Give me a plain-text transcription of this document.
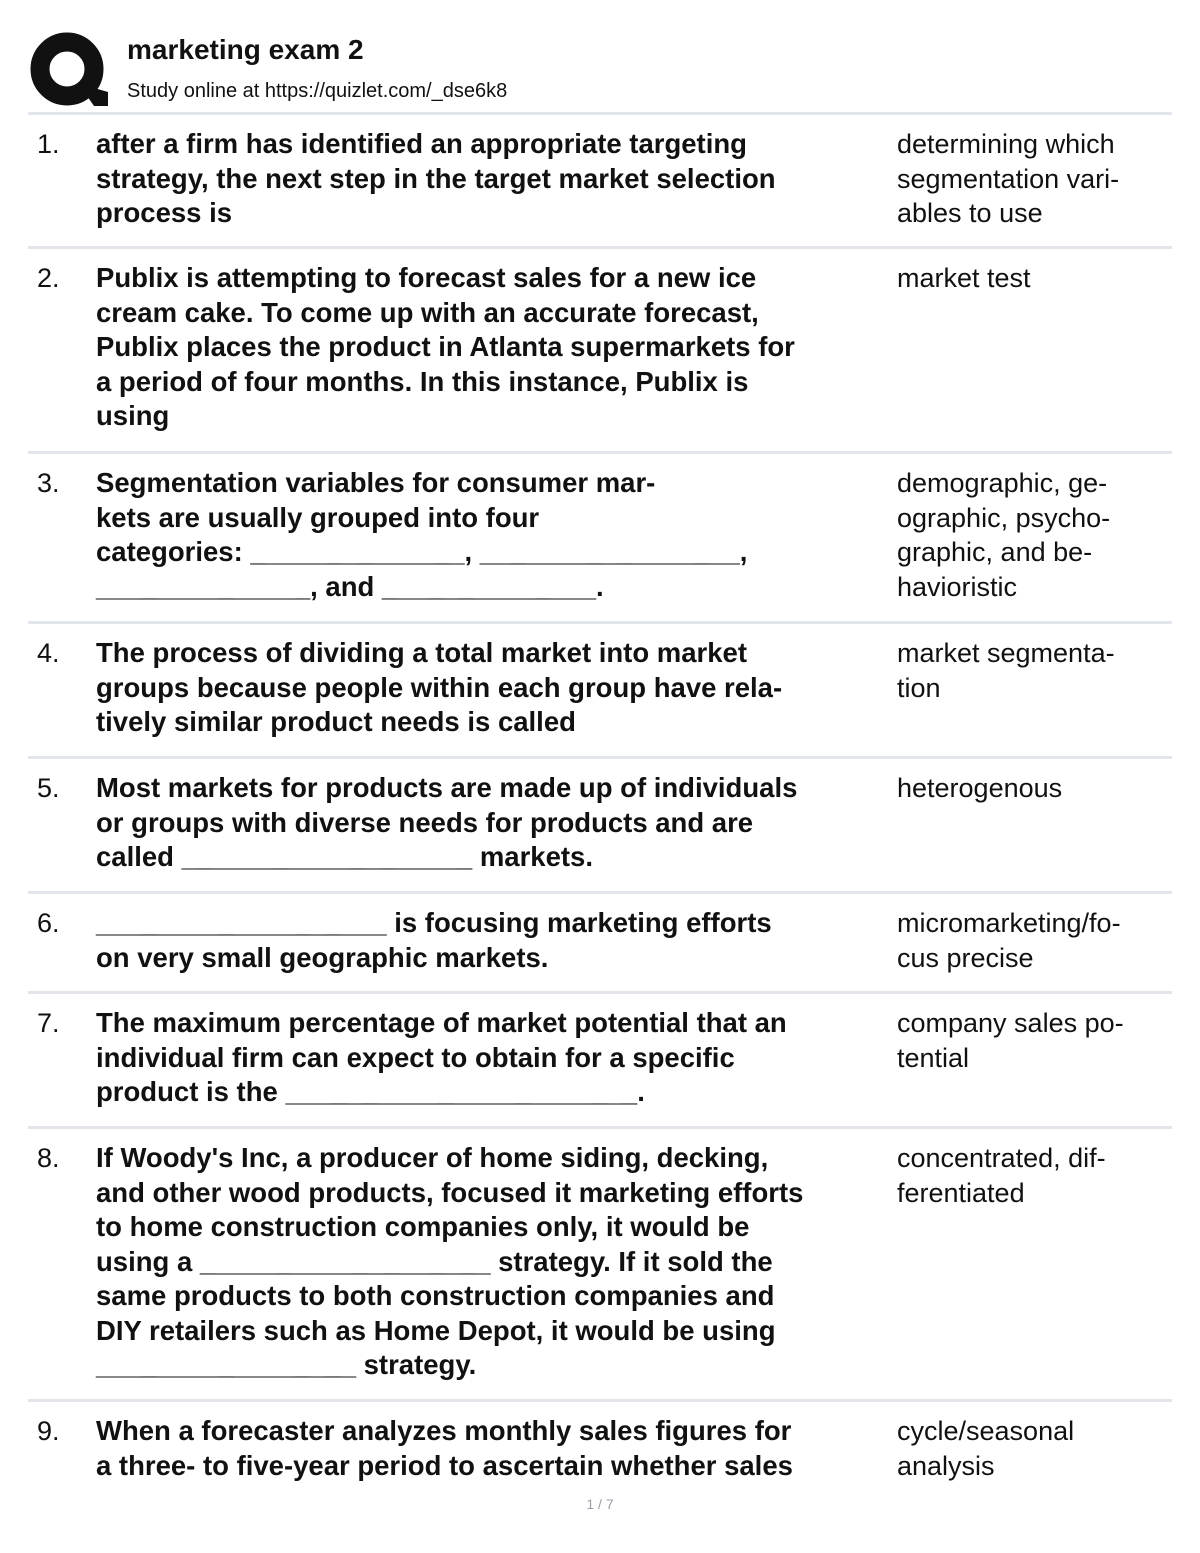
marketing exam 2
Study online at https://quizlet.com/_dse6k8
1. after a firm has identified an appropriate targeting
strategy, the next step in the target market selection
process is
determining which
segmentation vari-
ables to use
2. Publix is attempting to forecast sales for a new ice
cream cake. To come up with an accurate forecast,
Publix places the product in Atlanta supermarkets for
a period of four months. In this instance, Publix is
using
market test
3. Segmentation variables for consumer mar-
kets are usually grouped into four
categories: ______________, _________________,
______________, and ______________.
demographic, ge-
ographic, psycho-
graphic, and be-
havioristic
4. The process of dividing a total market into market
groups because people within each group have rela-
tively similar product needs is called
market segmenta-
tion
5. Most markets for products are made up of individuals
or groups with diverse needs for products and are
called ___________________ markets.
heterogenous
6. ___________________ is focusing marketing efforts
on very small geographic markets.
micromarketing/fo-
cus precise
7. The maximum percentage of market potential that an
individual firm can expect to obtain for a specific
product is the _______________________.
company sales po-
tential
8. If Woody's Inc, a producer of home siding, decking,
and other wood products, focused it marketing efforts
to home construction companies only, it would be
using a ___________________ strategy. If it sold the
same products to both construction companies and
DIY retailers such as Home Depot, it would be using
_________________ strategy.
concentrated, dif-
ferentiated
9. When a forecaster analyzes monthly sales figures for
a three- to five-year period to ascertain whether sales
cycle/seasonal
analysis
1 / 7
